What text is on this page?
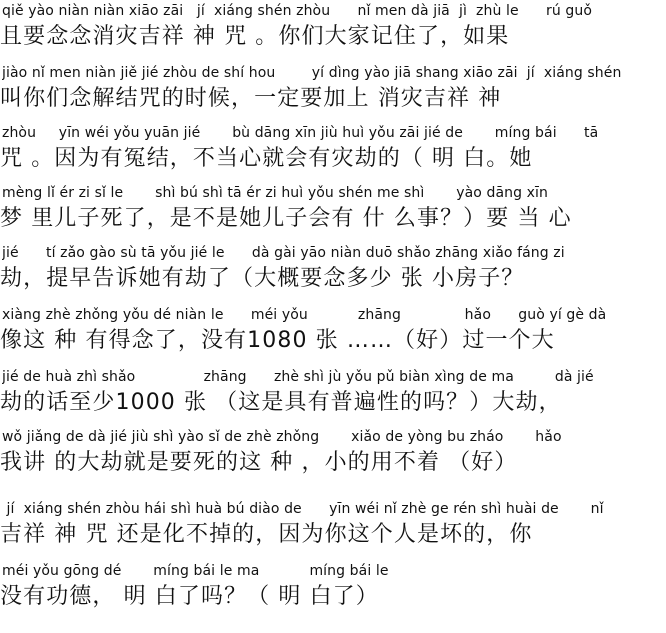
qiě yào niàn niàn xiāo zāi   jí  xiáng shén zhòu      nǐ men dà jiā  jì  zhù le      rú guǒ
且要念念消灾吉祥 神 咒 。你们大家记住了，如果
jiào nǐ men niàn jiě jié zhòu de shí hou        yí dìng yào jiā shang xiāo zāi  jí  xiáng shén
叫你们念解结咒的时候，一定要加上 消灾吉祥 神
zhòu     yīn wéi yǒu yuān jié       bù dāng xīn jiù huì yǒu zāi jié de       míng bái      tā
咒 。因为有冤结，不当心就会有灾劫的（ 明 白。她
mèng lǐ ér zi sǐ le       shì bú shì tā ér zi huì yǒu shén me shì       yào dāng xīn
梦 里儿子死了，是不是她儿子会有 什 么事？）要 当 心
jié      tí zǎo gào sù tā yǒu jié le      dà gài yāo niàn duō shǎo zhāng xiǎo fáng zi
劫，提早告诉她有劫了（大概要念多少 张 小房子？
xiàng zhè zhǒng yǒu dé niàn le      méi yǒu           zhāng              hǎo      guò yí gè dà
像这 种 有得念了，没有1080 张 ……（好）过一个大
jié de huà zhì shǎo               zhāng      zhè shì jù yǒu pǔ biàn xìng de ma         dà jié
劫的话至少1000 张 （这是具有普遍性的吗？）大劫，
wǒ jiǎng de dà jié jiù shì yào sǐ de zhè zhǒng       xiǎo de yòng bu zháo       hǎo
我讲 的大劫就是要死的这 种 ，小的用不着 （好）
jí  xiáng shén zhòu hái shì huà bú diào de      yīn wéi nǐ zhè ge rén shì huài de       nǐ
吉祥 神 咒 还是化不掉的，因为你这个人是坏的，你
méi yǒu gōng dé       míng bái le ma           míng bái le
没有功德， 明 白了吗？（ 明 白了）
